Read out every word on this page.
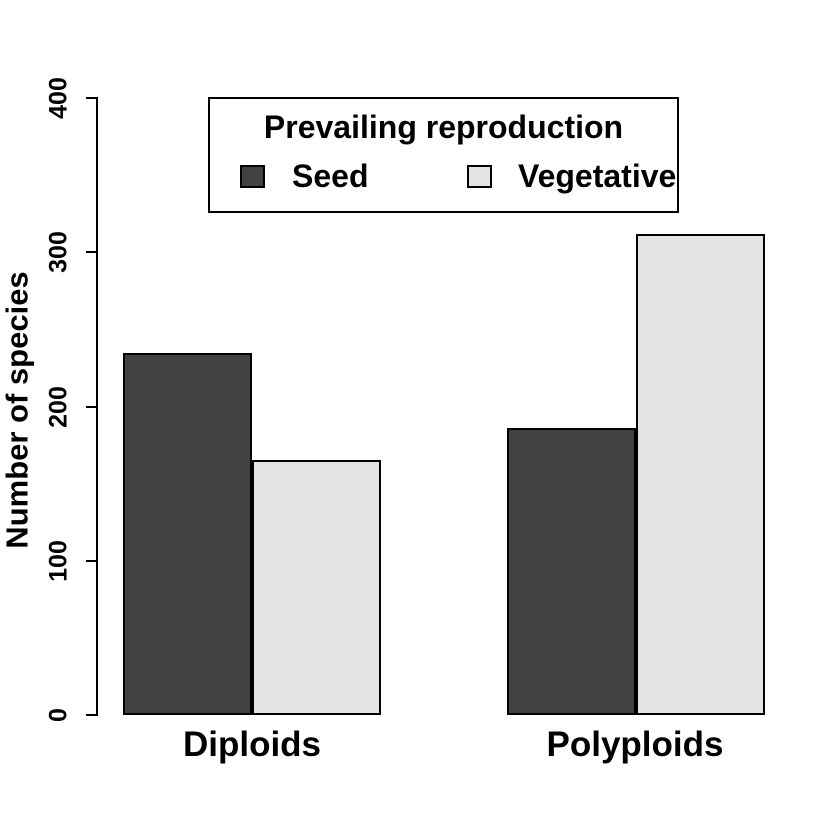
0
100
200
300
400
Number of species
Diploids	Polyploids
Prevailing reproduction
Seed	Vegetative
